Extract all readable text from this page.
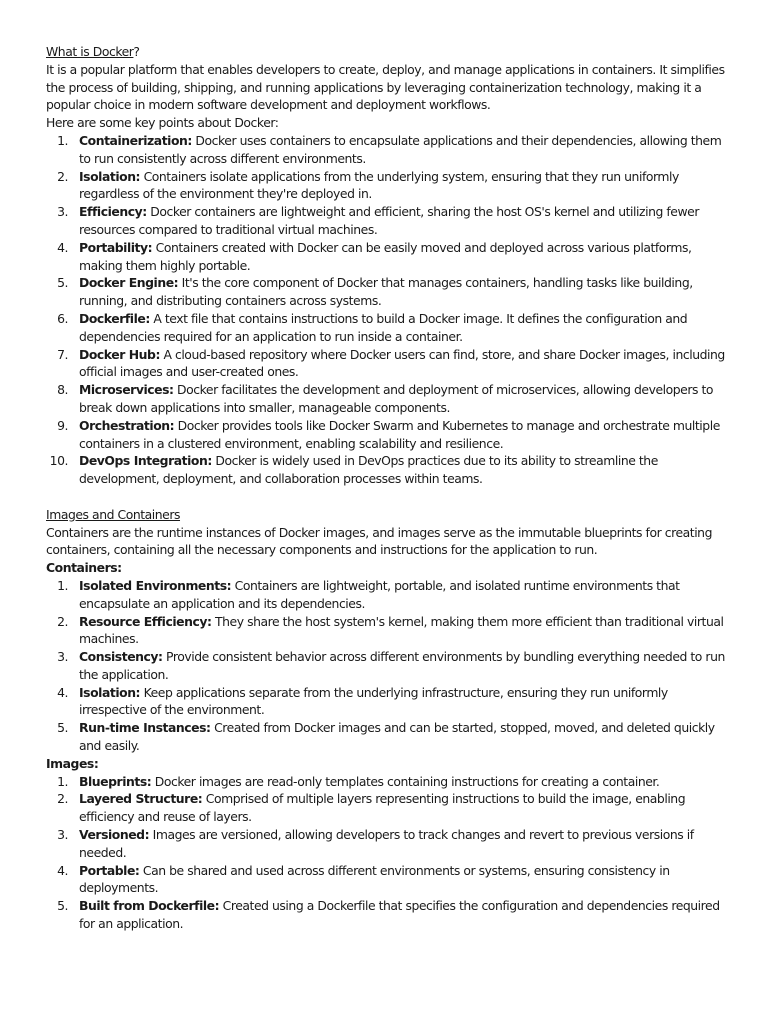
What is Docker?

It is a popular platform that enables developers to create, deploy, and manage applications in containers. It simplifies the process of building, shipping, and running applications by leveraging containerization technology, making it a popular choice in modern software development and deployment workflows.

Here are some key points about Docker:

1. Containerization: Docker uses containers to encapsulate applications and their dependencies, allowing them to run consistently across different environments.
2. Isolation: Containers isolate applications from the underlying system, ensuring that they run uniformly regardless of the environment they're deployed in.
3. Efficiency: Docker containers are lightweight and efficient, sharing the host OS's kernel and utilizing fewer resources compared to traditional virtual machines.
4. Portability: Containers created with Docker can be easily moved and deployed across various platforms, making them highly portable.
5. Docker Engine: It's the core component of Docker that manages containers, handling tasks like building, running, and distributing containers across systems.
6. Dockerfile: A text file that contains instructions to build a Docker image. It defines the configuration and dependencies required for an application to run inside a container.
7. Docker Hub: A cloud-based repository where Docker users can find, store, and share Docker images, including official images and user-created ones.
8. Microservices: Docker facilitates the development and deployment of microservices, allowing developers to break down applications into smaller, manageable components.
9. Orchestration: Docker provides tools like Docker Swarm and Kubernetes to manage and orchestrate multiple containers in a clustered environment, enabling scalability and resilience.
10. DevOps Integration: Docker is widely used in DevOps practices due to its ability to streamline the development, deployment, and collaboration processes within teams.
Images and Containers

Containers are the runtime instances of Docker images, and images serve as the immutable blueprints for creating containers, containing all the necessary components and instructions for the application to run.

Containers:
1. Isolated Environments: Containers are lightweight, portable, and isolated runtime environments that encapsulate an application and its dependencies.
2. Resource Efficiency: They share the host system's kernel, making them more efficient than traditional virtual machines.
3. Consistency: Provide consistent behavior across different environments by bundling everything needed to run the application.
4. Isolation: Keep applications separate from the underlying infrastructure, ensuring they run uniformly irrespective of the environment.
5. Run-time Instances: Created from Docker images and can be started, stopped, moved, and deleted quickly and easily.
Images:
1. Blueprints: Docker images are read-only templates containing instructions for creating a container.
2. Layered Structure: Comprised of multiple layers representing instructions to build the image, enabling efficiency and reuse of layers.
3. Versioned: Images are versioned, allowing developers to track changes and revert to previous versions if needed.
4. Portable: Can be shared and used across different environments or systems, ensuring consistency in deployments.
5. Built from Dockerfile: Created using a Dockerfile that specifies the configuration and dependencies required for an application.
